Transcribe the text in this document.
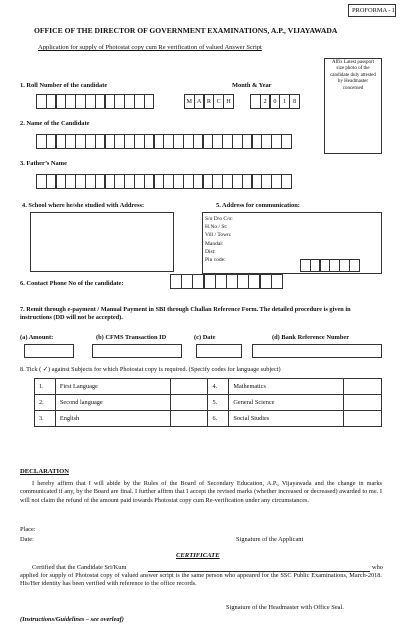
PROFORMA - I
OFFICE OF THE DIRECTOR OF GOVERNMENT EXAMINATIONS, A.P., VIJAYAWADA
Application for supply of Photostat copy cum Re verification of valued Answer Script
Affix Latest passport size photo of the candidate duly attested by Headmaster concerned
1. Roll Number of the candidate	Month & Year
M A R C H	2	0	1	8
2. Name of the Candidate
3. Father’s Name
4. School where he/she studied with Address:	5. Address for communication:
S/o D/o C/o:
H.No / St:
Vill / Town:
Mandal:
Dist:
Pin code:
6. Contact Phone No of the candidate:
7. Remit through e-payment / Manual Payment in SBI through Challan Reference Form. The detailed procedure is given in instructions (DD will not be accepted).
(a) Amount:	(b) CFMS Transaction ID	(c) Date	(d) Bank Reference Number
8. Tick ( ✓) against Subjects for which Photostat copy is required. (Specify codes for language subject)
1.	First Language		4.	Mathematics	
2.	Second language		5.	General Science	
3.	English		6.	Social Studies	
DECLARATION
I hereby affirm that I will abide by the Rules of the Board of Secondary Education, A.P., Vijayawada and the change in marks communicated if any, by the Board are final. I further affirm that I accept the revised marks (whether increased or decreased) awarded to me. I will not claim the refund of the amount paid towards Photostat copy cum Re-verification under any circumstances.
Place:
Date:	Signature of the Applicant
CERTIFICATE
Certified that the Candidate Sri/Kum	who
applied for supply of Photostat copy of valued answer script is the same person who appeared for the SSC Public Examinations, March-2018. His/Her identity has been verified with reference to the office records.
Signature of the Headmaster with Office Seal.
(Instructions/Guidelines – see overleaf)
